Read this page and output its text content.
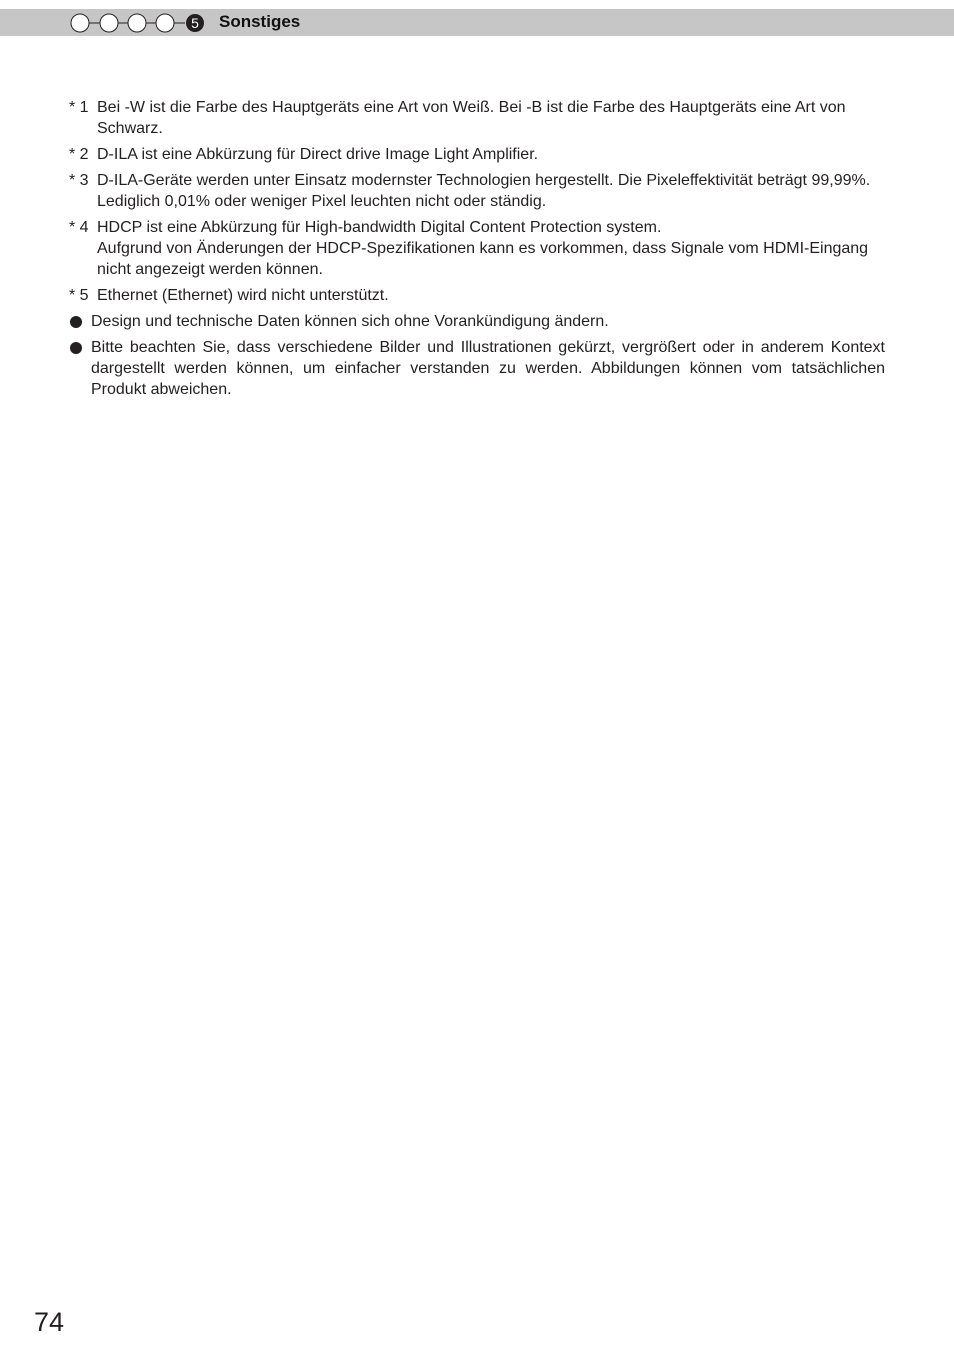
5 Sonstiges
* 1 Bei -W ist die Farbe des Hauptgeräts eine Art von Weiß. Bei -B ist die Farbe des Hauptgeräts eine Art von Schwarz.
* 2 D-ILA ist eine Abkürzung für Direct drive Image Light Amplifier.
* 3 D-ILA-Geräte werden unter Einsatz modernster Technologien hergestellt. Die Pixeleffektivität beträgt 99,99%. Lediglich 0,01% oder weniger Pixel leuchten nicht oder ständig.
* 4 HDCP ist eine Abkürzung für High-bandwidth Digital Content Protection system.
Aufgrund von Änderungen der HDCP-Spezifikationen kann es vorkommen, dass Signale vom HDMI-Eingang nicht angezeigt werden können.
* 5 Ethernet (Ethernet) wird nicht unterstützt.
Design und technische Daten können sich ohne Vorankündigung ändern.
Bitte beachten Sie, dass verschiedene Bilder und Illustrationen gekürzt, vergrößert oder in anderem Kontext dargestellt werden können, um einfacher verstanden zu werden. Abbildungen können vom tatsächlichen Produkt abweichen.
74
